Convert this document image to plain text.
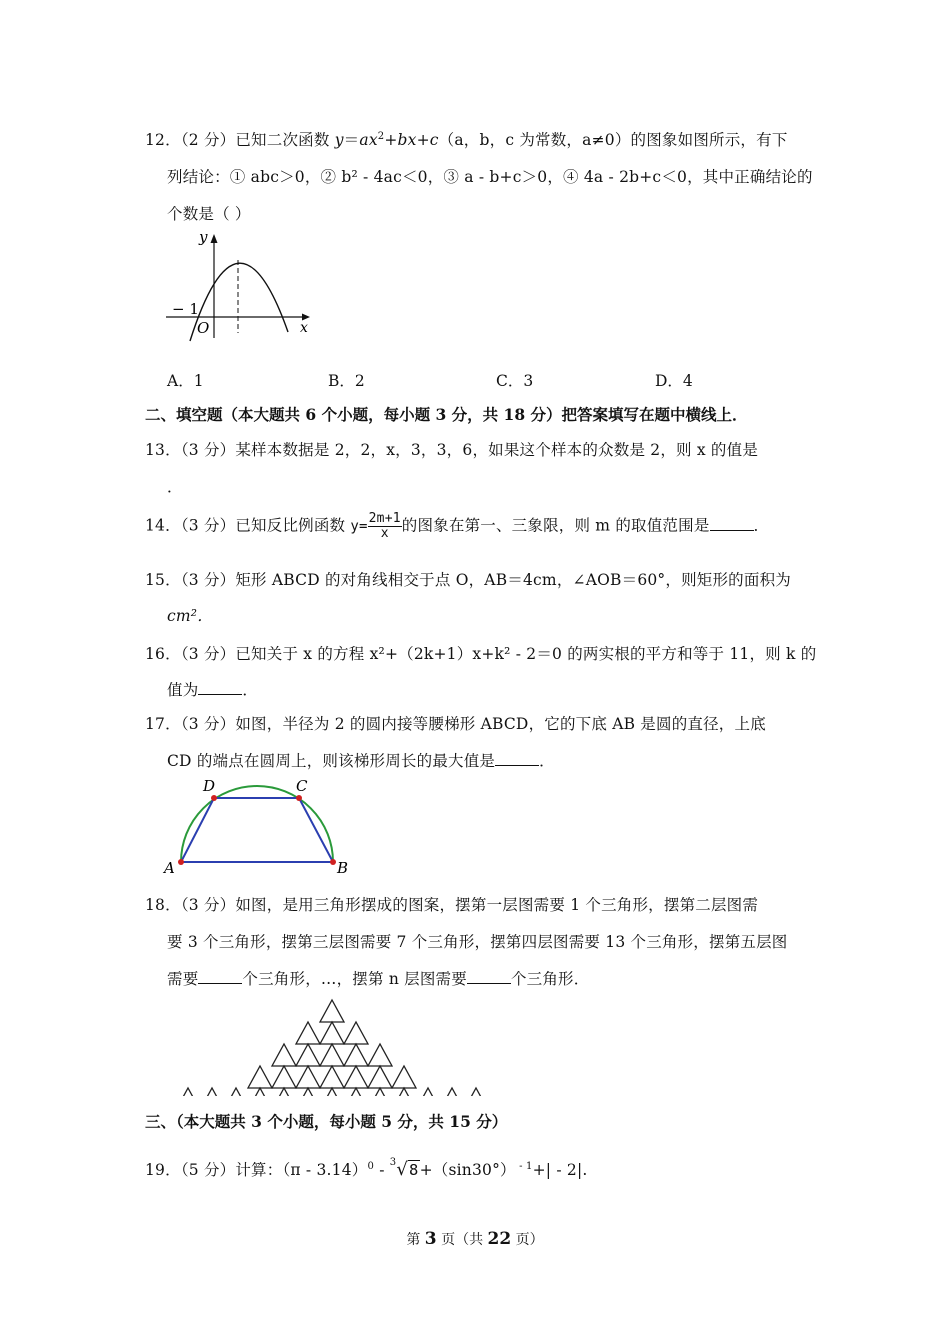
12．（2 分）已知二次函数 $y=ax^2+bx+c(a$，b，c 为常数，a≠0）的图象如图所示，有下
列结论：① abc＞0，② b² - 4ac＜0，③ a - b+c＞0，④ 4a - 2b+c＜0，其中正确结论的
个数是（ ）
y
x
O
− 1
A．1	B．2	C．3	D．4
二、填空题（本大题共 6 个小题，每小题 3 分，共 18 分）把答案填写在题中横线上．
13．（3 分）某样本数据是 2，2，x，3，3，6，如果这个样本的众数是 2，则 x 的值是
．
14．（3 分）已知反比例函数 $y= \frac{2m+1}{x}$ 的图象在第一、三象限，则 m 的取值范围是	．
15．（3 分）矩形 ABCD 的对角线相交于点 O，AB＝4cm，∠AOB＝60°，则矩形的面积为
cm²．
16．（3 分）已知关于 x 的方程 x²+（2k+1）x+k² - 2＝0 的两实根的平方和等于 11，则 k 的
值为	．
17．（3 分）如图，半径为 2 的圆内接等腰梯形 ABCD，它的下底 AB 是圆的直径，上底
CD 的端点在圆周上，则该梯形周长的最大值是	．
A	B
C
D
18．（3 分）如图，是用三角形摆成的图案，摆第一层图需要 1 个三角形，摆第二层图需
要 3 个三角形，摆第三层图需要 7 个三角形，摆第四层图需要 13 个三角形，摆第五层图
需要	个三角形，…，摆第 n 层图需要	个三角形．
三、（本大题共 3 个小题，每小题 5 分，共 15 分）
19．（5 分）计算：（π - 3.14）$^0$ - $^3$√8+（sin30°） $^{- 1}$+| - 2|.
第 3 页（共 22 页）
